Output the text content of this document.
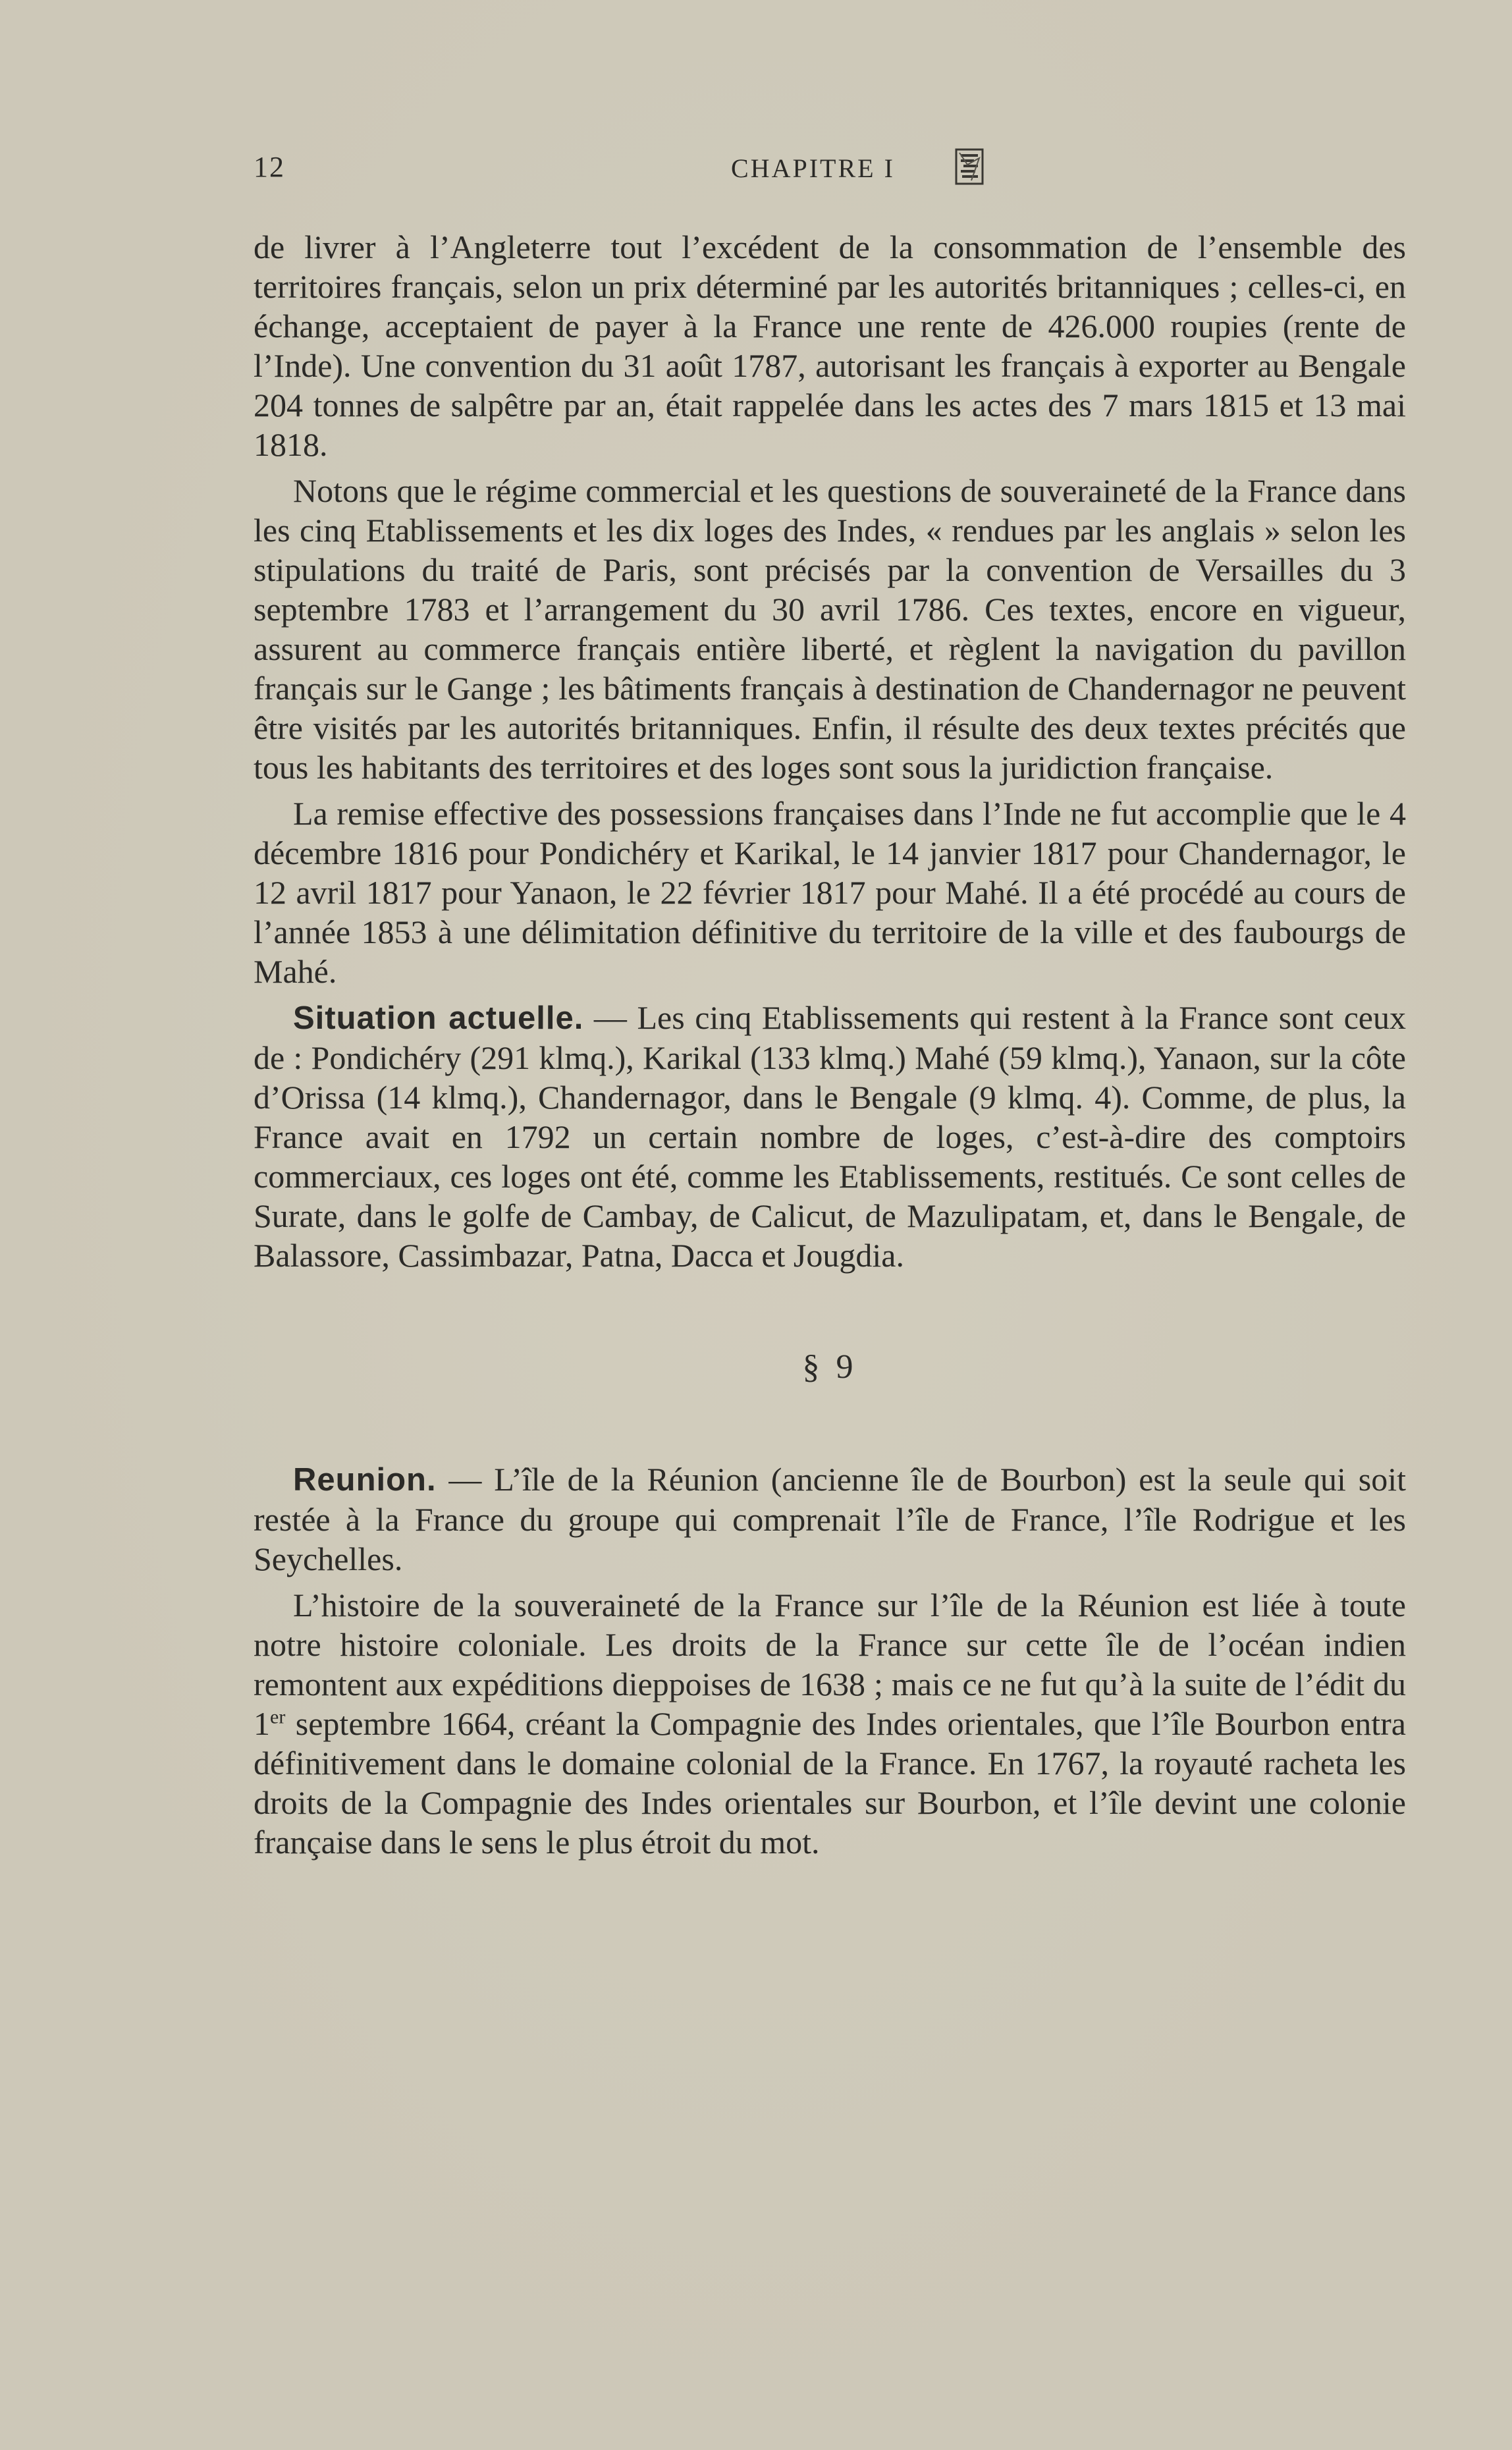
12	CHAPITRE I

de livrer à l’Angleterre tout l’excédent de la consommation de l’ensemble des territoires français, selon un prix déterminé par les autorités britanniques ; celles-ci, en échange, acceptaient de payer à la France une rente de 426.000 roupies (rente de l’Inde). Une convention du 31 août 1787, autorisant les français à exporter au Bengale 204 tonnes de salpêtre par an, était rappelée dans les actes des 7 mars 1815 et 13 mai 1818.

Notons que le régime commercial et les questions de souveraineté de la France dans les cinq Etablissements et les dix loges des Indes, « rendues par les anglais » selon les stipulations du traité de Paris, sont précisés par la convention de Versailles du 3 septembre 1783 et l’arrangement du 30 avril 1786. Ces textes, encore en vigueur, assurent au commerce français entière liberté, et règlent la navigation du pavillon français sur le Gange ; les bâtiments français à destination de Chandernagor ne peuvent être visités par les autorités britanniques. Enfin, il résulte des deux textes précités que tous les habitants des territoires et des loges sont sous la juridiction française.

La remise effective des possessions françaises dans l’Inde ne fut accomplie que le 4 décembre 1816 pour Pondichéry et Karikal, le 14 janvier 1817 pour Chandernagor, le 12 avril 1817 pour Yanaon, le 22 février 1817 pour Mahé. Il a été procédé au cours de l’année 1853 à une délimitation définitive du territoire de la ville et des faubourgs de Mahé.

Situation actuelle. — Les cinq Etablissements qui restent à la France sont ceux de : Pondichéry (291 klmq.), Karikal (133 klmq.) Mahé (59 klmq.), Yanaon, sur la côte d’Orissa (14 klmq.), Chandernagor, dans le Bengale (9 klmq. 4). Comme, de plus, la France avait en 1792 un certain nombre de loges, c’est-à-dire des comptoirs commerciaux, ces loges ont été, comme les Etablissements, restitués. Ce sont celles de Surate, dans le golfe de Cambay, de Calicut, de Mazulipatam, et, dans le Bengale, de Balassore, Cassimbazar, Patna, Dacca et Jougdia.

§ 9

Reunion. — L’île de la Réunion (ancienne île de Bourbon) est la seule qui soit restée à la France du groupe qui comprenait l’île de France, l’île Rodrigue et les Seychelles.

L’histoire de la souveraineté de la France sur l’île de la Réunion est liée à toute notre histoire coloniale. Les droits de la France sur cette île de l’océan indien remontent aux expéditions dieppoises de 1638 ; mais ce ne fut qu’à la suite de l’édit du 1er septembre 1664, créant la Compagnie des Indes orientales, que l’île Bourbon entra définitivement dans le domaine colonial de la France. En 1767, la royauté racheta les droits de la Compagnie des Indes orientales sur Bourbon, et l’île devint une colonie française dans le sens le plus étroit du mot.
